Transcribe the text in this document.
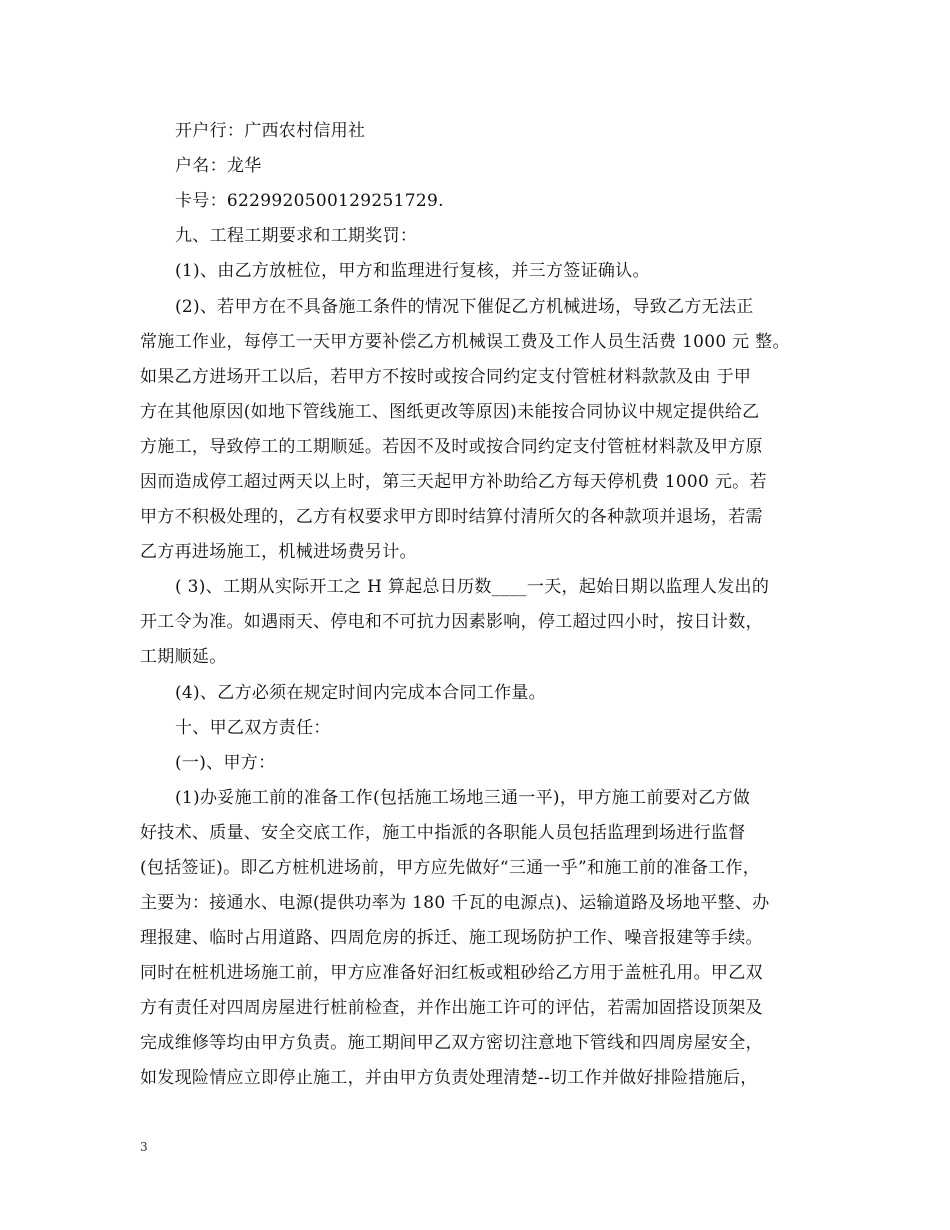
开户行：广西农村信用社
户名：龙华
卡号：6229920500129251729.
九、工程工期要求和工期奖罚：
(1)、由乙方放桩位，甲方和监理进行复核，并三方签证确认。
(2)、若甲方在不具备施工条件的情况下催促乙方机械进场，导致乙方无法正
常施工作业，每停工一天甲方要补偿乙方机械误工费及工作人员生活费 1000 元 整。
如果乙方进场开工以后，若甲方不按时或按合同约定支付管桩材料款款及由 于甲
方在其他原因(如地下管线施工、图纸更改等原因)未能按合同协议中规定提供给乙
方施工，导致停工的工期顺延。若因不及时或按合同约定支付管桩材料款及甲方原
因而造成停工超过两天以上时，第三天起甲方补助给乙方每天停机费 1000 元。若
甲方不积极处理的，乙方有权要求甲方即时结算付清所欠的各种款项并退场，若需
乙方再进场施工，机械进场费另计。
( 3)、工期从实际开工之 H 算起总日历数____一天，起始日期以监理人发出的
开工令为准。如遇雨天、停电和不可抗力因素影响，停工超过四小时，按日计数，
工期顺延。
(4)、乙方必须在规定时间内完成本合同工作量。
十、甲乙双方责任：
(一)、甲方：
(1)办妥施工前的准备工作(包括施工场地三通一平)，甲方施工前要对乙方做
好技术、质量、安全交底工作，施工中指派的各职能人员包括监理到场进行监督
(包括签证)。即乙方桩机进场前，甲方应先做好“三通一乎”和施工前的准备工作，
主要为：接通水、电源(提供功率为 180 千瓦的电源点)、运输道路及场地平整、办
理报建、临时占用道路、四周危房的拆迁、施工现场防护工作、噪音报建等手续。
同时在桩机进场施工前，甲方应准备好汩红板或粗砂给乙方用于盖桩孔用。甲乙双
方有责任对四周房屋进行桩前检查，并作出施工许可的评估，若需加固搭设顶架及
完成维修等均由甲方负责。施工期间甲乙双方密切注意地下管线和四周房屋安全，
如发现险情应立即停止施工，并由甲方负责处理清楚--切工作并做好排险措施后，
3
